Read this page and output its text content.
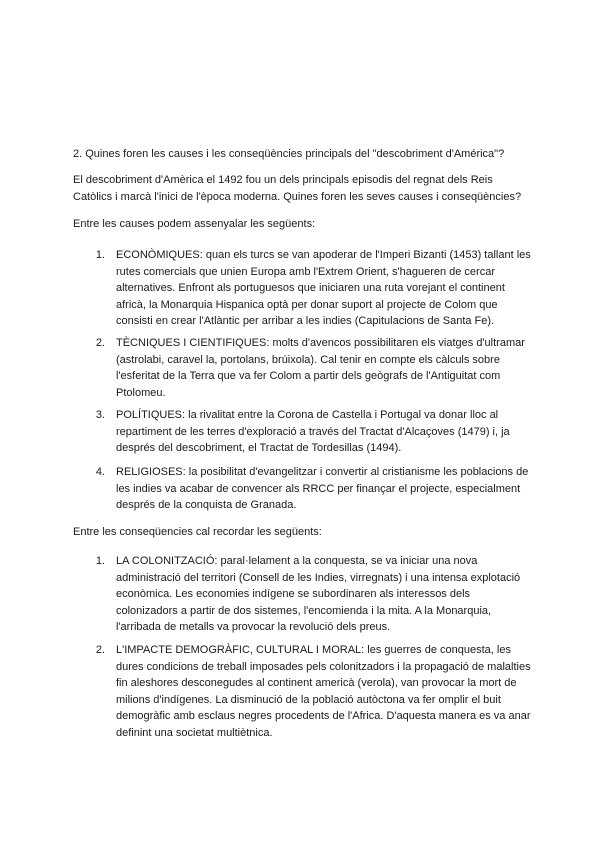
2. Quines foren les causes i les conseqüències principals del "descobriment d'América"?

El descobriment d'Amèrica el 1492 fou un dels principals episodis del regnat dels Reis Catòlics i marcà l'inici de l'època moderna. Quines foren les seves causes i conseqüències?

Entre les causes podem assenyalar les següents:

1. ECONÒMIQUES: quan els turcs se van apoderar de l'Imperi Bizanti (1453) tallant les rutes comercials que unien Europa amb l'Extrem Orient, s'hagueren de cercar alternatives. Enfront als portuguesos que iniciaren una ruta vorejant el continent africà, la Monarquia Hispanica optà per donar suport al projecte de Colom que consisti en crear l'Atlàntic per arribar a les indies (Capitulacions de Santa Fe).

2. TÈCNIQUES I CIENTIFIQUES: molts d'avencos possibilitaren els viatges d'ultramar (astrolabi, caravel la, portolans, brúixola). Cal tenir en compte els càlculs sobre l'esferitat de la Terra que va fer Colom a partir dels geògrafs de l'Antiguitat com Ptolomeu.

3. POLÍTIQUES: la rivalitat entre la Corona de Castella i Portugal va donar lloc al repartiment de les terres d'exploració a través del Tractat d'Alcaçoves (1479) i, ja després del descobriment, el Tractat de Tordesillas (1494).

4. RELIGIOSES: la posibilitat d'evangelitzar i convertir al cristianisme les poblacions de les indies va acabar de convencer als RRCC per finançar el projecte, especialment després de la conquista de Granada.

Entre les conseqüencies cal recordar les següents:

1. LA COLONITZACIÓ: paral·lelament a la conquesta, se va iniciar una nova administració del territori (Consell de les Indies, virregnats) i una intensa explotació econòmica. Les economies indígene se subordinaren als interessos dels colonizadors a partir de dos sistemes, l'encomienda i la mita. A la Monarquia, l'arribada de metalls va provocar la revolució dels preus.

2. L'IMPACTE DEMOGRÀFIC, CULTURAL I MORAL: les guerres de conquesta, les dures condicions de treball imposades pels colonitzadors i la propagació de malalties fin aleshores desconegudes al continent americà (verola), van provocar la mort de milions d'indígenes. La disminució de la població autòctona va fer omplir el buit demogràfic amb esclaus negres procedents de l'Africa. D'aquesta manera es va anar definint una societat multiètnica.
